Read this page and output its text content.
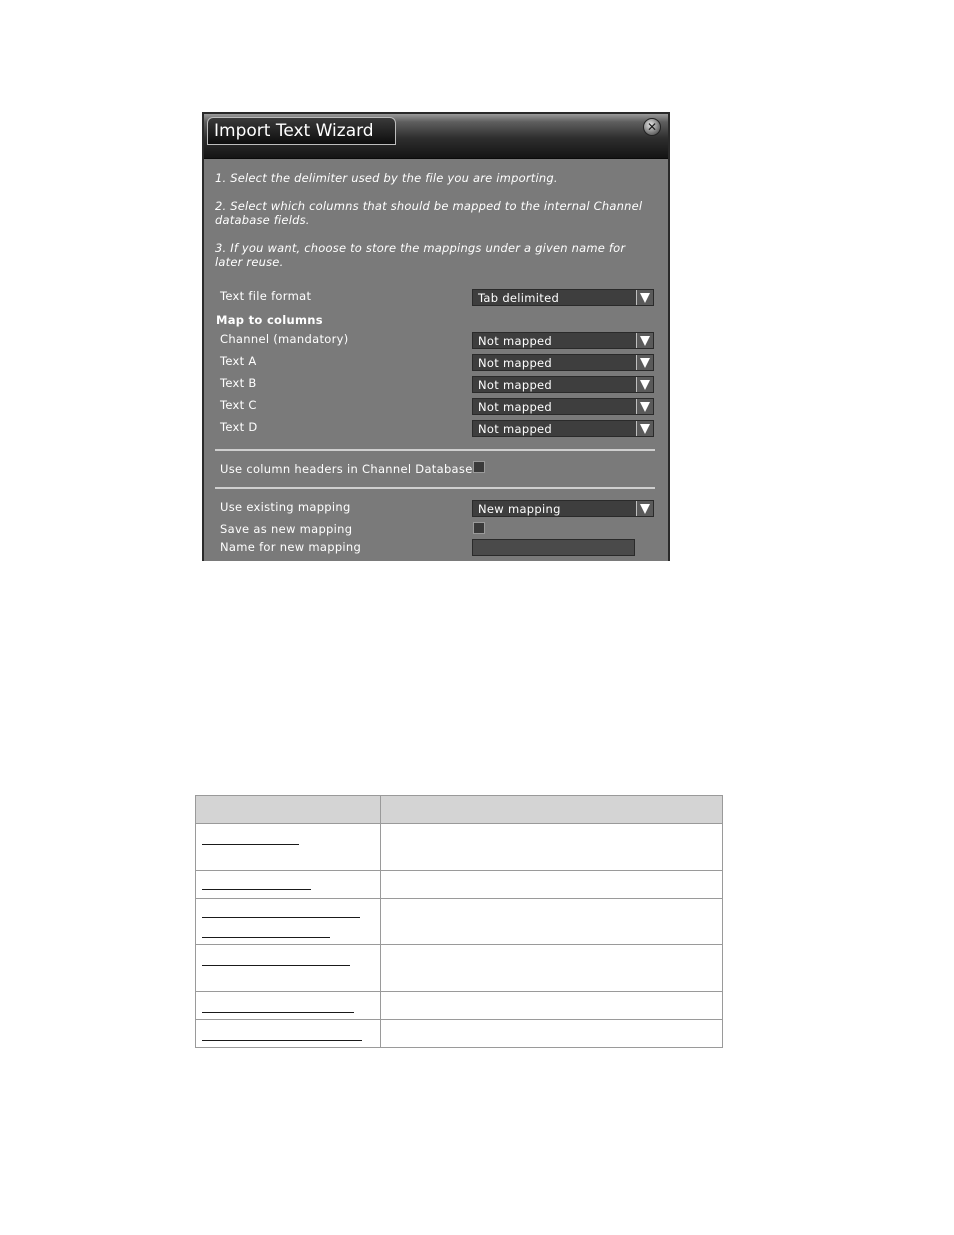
Import Text Wizard	✕
1. Select the delimiter used by the file you are importing.
2. Select which columns that should be mapped to the internal Channel database fields.
3. If you want, choose to store the mappings under a given name for later reuse.
Text file format	Tab delimited
Map to columns
Channel (mandatory)	Not mapped
Text A	Not mapped
Text B	Not mapped
Text C	Not mapped
Text D	Not mapped
Use column headers in Channel Database
Use existing mapping	New mapping
Save as new mapping
Name for new mapping
